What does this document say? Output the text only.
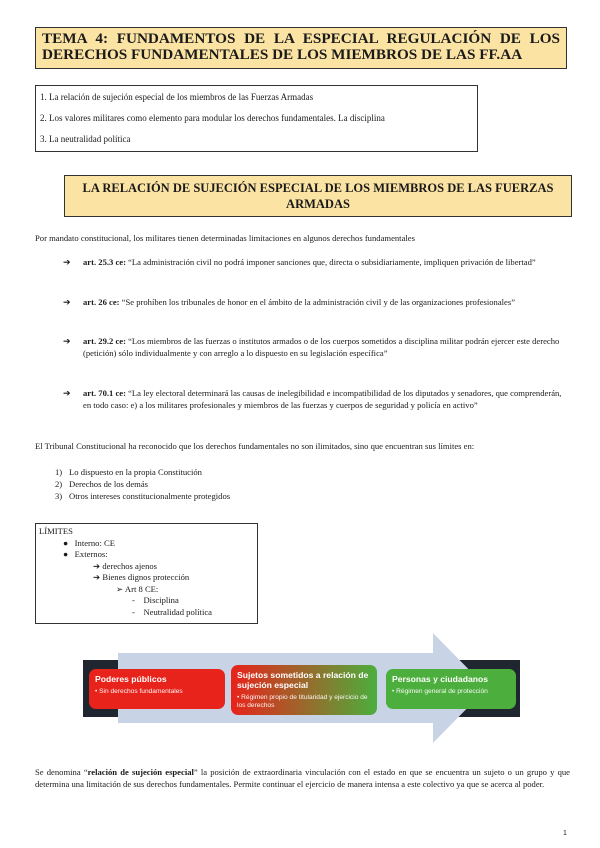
TEMA 4: FUNDAMENTOS DE LA ESPECIAL REGULACIÓN DE LOS
DERECHOS FUNDAMENTALES DE LOS MIEMBROS DE LAS FF.AA
1. La relación de sujeción especial de los miembros de las Fuerzas Armadas
2. Los valores militares como elemento para modular los derechos fundamentales. La disciplina
3. La neutralidad política
LA RELACIÓN DE SUJECIÓN ESPECIAL DE LOS MIEMBROS DE LAS FUERZAS
ARMADAS
Por mandato constitucional, los militares tienen determinadas limitaciones en algunos derechos fundamentales
➔ art. 25.3 ce: “La administración civil no podrá imponer sanciones que, directa o subsidiariamente, impliquen privación de libertad”
➔ art. 26 ce: “Se prohíben los tribunales de honor en el ámbito de la administración civil y de las organizaciones profesionales”
➔ art. 29.2 ce: “Los miembros de las fuerzas o institutos armados o de los cuerpos sometidos a disciplina militar podrán ejercer este derecho (petición) sólo individualmente y con arreglo a lo dispuesto en su legislación específica”
➔ art. 70.1 ce: “La ley electoral determinará las causas de inelegibilidad e incompatibilidad de los diputados y senadores, que comprenderán, en todo caso: e) a los militares profesionales y miembros de las fuerzas y cuerpos de seguridad y policía en activo”
El Tribunal Constitucional ha reconocido que los derechos fundamentales no son ilimitados, sino que encuentran sus límites en:
1) Lo dispuesto en la propia Constitución
2) Derechos de los demás
3) Otros intereses constitucionalmente protegidos
LÍMITES
● Interno: CE
● Externos:
➔ derechos ajenos
➔ Bienes dignos protección
➢ Art 8 CE:
- Disciplina
- Neutralidad política
Poderes públicos
• Sin derechos fundamentales
Sujetos sometidos a relación de sujeción especial
• Régimen propio de titularidad y ejercicio de los derechos
Personas y ciudadanos
• Régimen general de protección
Se denomina “relación de sujeción especial” la posición de extraordinaria vinculación con el estado en que se encuentra un sujeto o un grupo y que determina una limitación de sus derechos fundamentales. Permite continuar el ejercicio de manera intensa a este colectivo ya que se acerca al poder.
1
